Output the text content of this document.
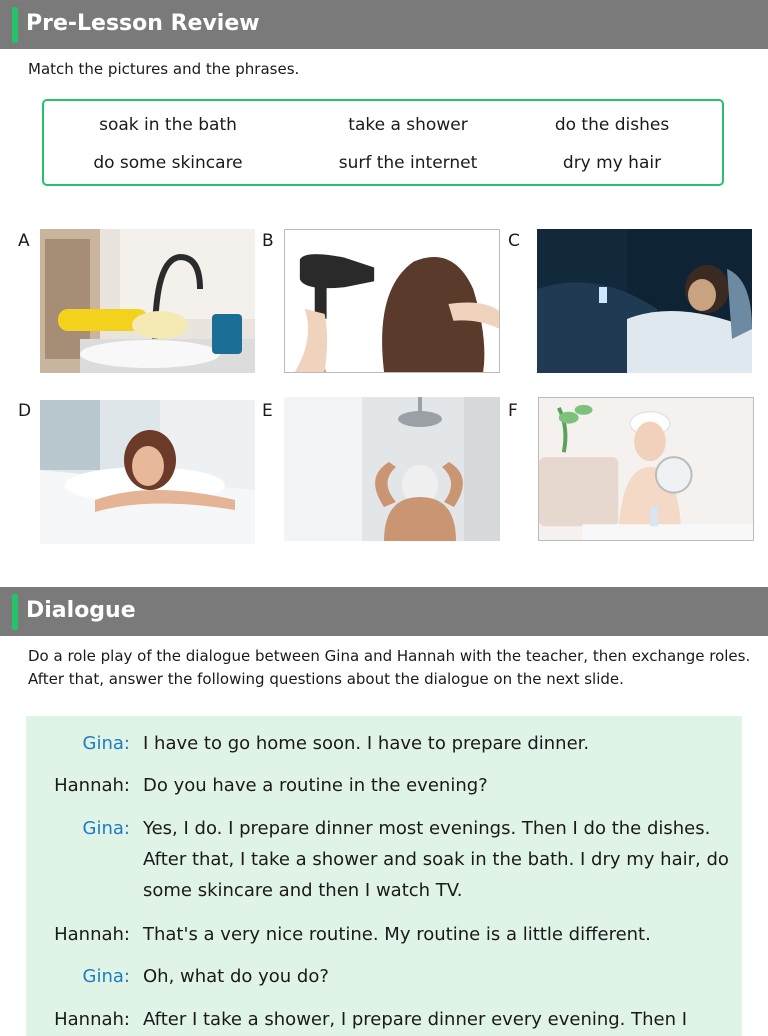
Pre-Lesson Review
Match the pictures and the phrases.
soak in the bath	take a shower	do the dishes
do some skincare	surf the internet	dry my hair
A	B	C
D	E	F
Dialogue
Do a role play of the dialogue between Gina and Hannah with the teacher, then exchange roles. After that, answer the following questions about the dialogue on the next slide.
Gina: I have to go home soon. I have to prepare dinner.
Hannah: Do you have a routine in the evening?
Gina: Yes, I do. I prepare dinner most evenings. Then I do the dishes. After that, I take a shower and soak in the bath. I dry my hair, do some skincare and then I watch TV.
Hannah: That's a very nice routine. My routine is a little different.
Gina: Oh, what do you do?
Hannah: After I take a shower, I prepare dinner every evening. Then I
